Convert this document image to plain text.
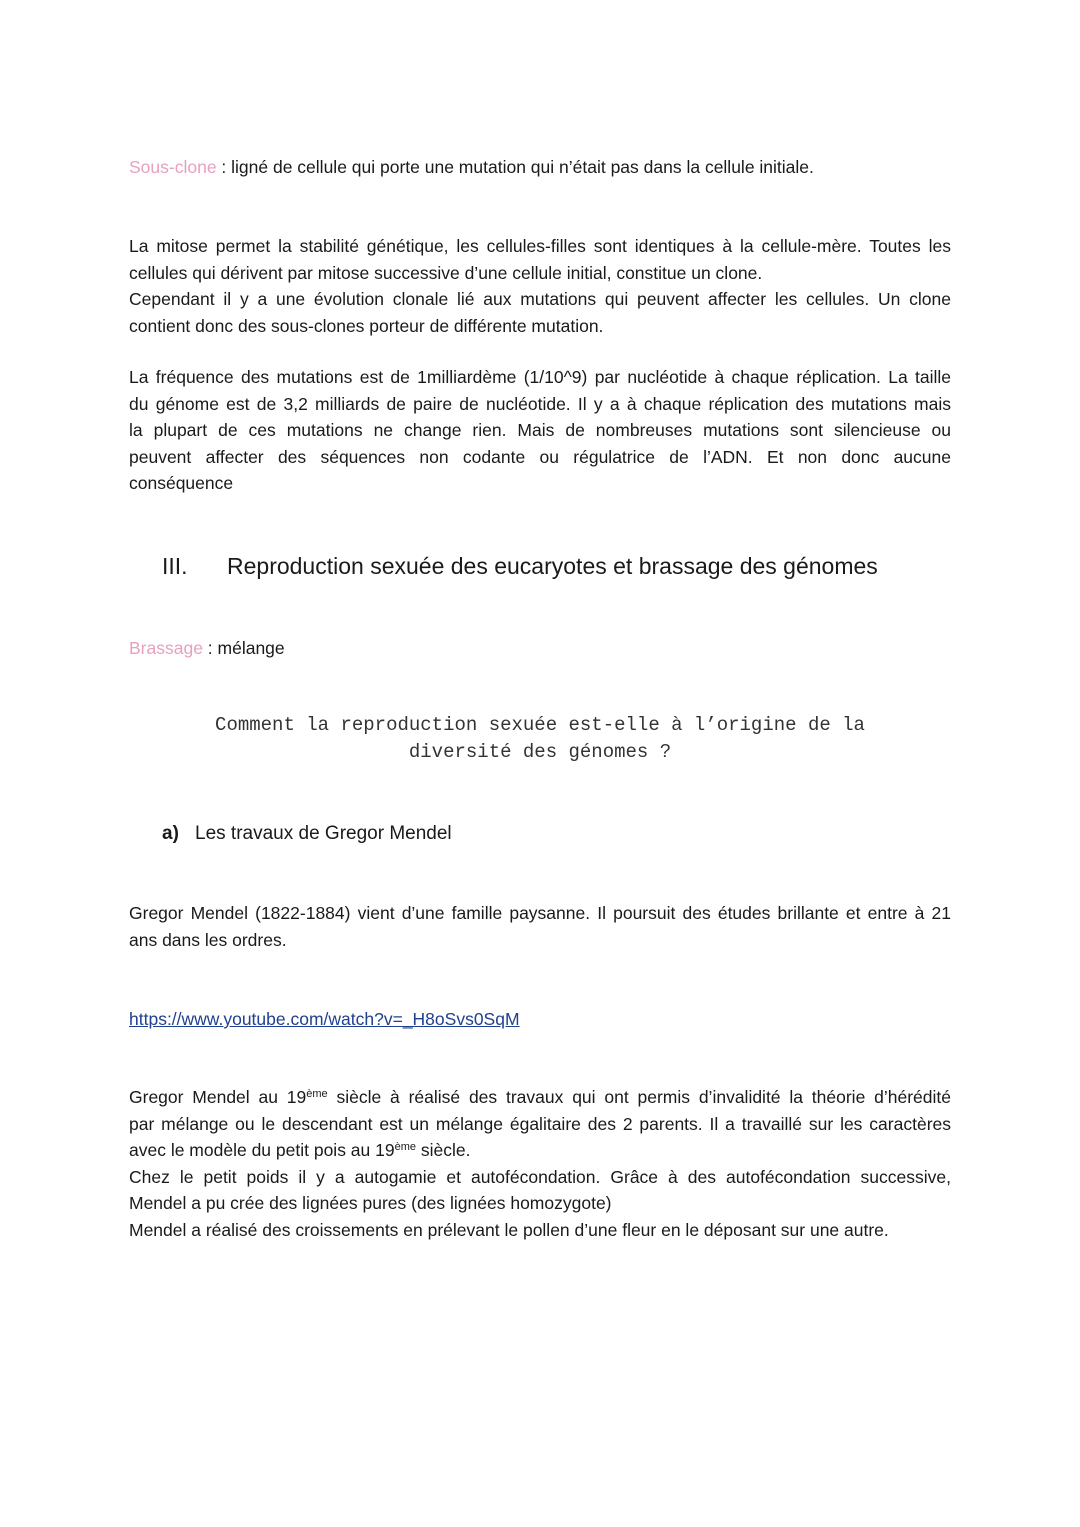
Sous-clone : ligné de cellule qui porte une mutation qui n’était pas dans la cellule initiale.

La mitose permet la stabilité génétique, les cellules-filles sont identiques à la cellule-mère. Toutes les
cellules qui dérivent par mitose successive d’une cellule initial, constitue un clone.
Cependant il y a une évolution clonale lié aux mutations qui peuvent affecter les cellules. Un clone
contient donc des sous-clones porteur de différente mutation.

La fréquence des mutations est de 1milliardème (1/10^9) par nucléotide à chaque réplication. La taille
du génome est de 3,2 milliards de paire de nucléotide. Il y a à chaque réplication des mutations mais
la plupart de ces mutations ne change rien. Mais de nombreuses mutations sont silencieuse ou
peuvent affecter des séquences non codante ou régulatrice de l’ADN. Et non donc aucune
conséquence

III. Reproduction sexuée des eucaryotes et brassage des génomes

Brassage : mélange

Comment la reproduction sexuée est-elle à l’origine de la
diversité des génomes ?

a) Les travaux de Gregor Mendel

Gregor Mendel (1822-1884) vient d’une famille paysanne. Il poursuit des études brillante et entre à 21
ans dans les ordres.

https://www.youtube.com/watch?v=_H8oSvs0SqM

Gregor Mendel au 19ème siècle à réalisé des travaux qui ont permis d’invalidité la théorie d’hérédité
par mélange ou le descendant est un mélange égalitaire des 2 parents. Il a travaillé sur les caractères
avec le modèle du petit pois au 19ème siècle.
Chez le petit poids il y a autogamie et autofécondation. Grâce à des autofécondation successive,
Mendel a pu crée des lignées pures (des lignées homozygote)
Mendel a réalisé des croissements en prélevant le pollen d’une fleur en le déposant sur une autre.
